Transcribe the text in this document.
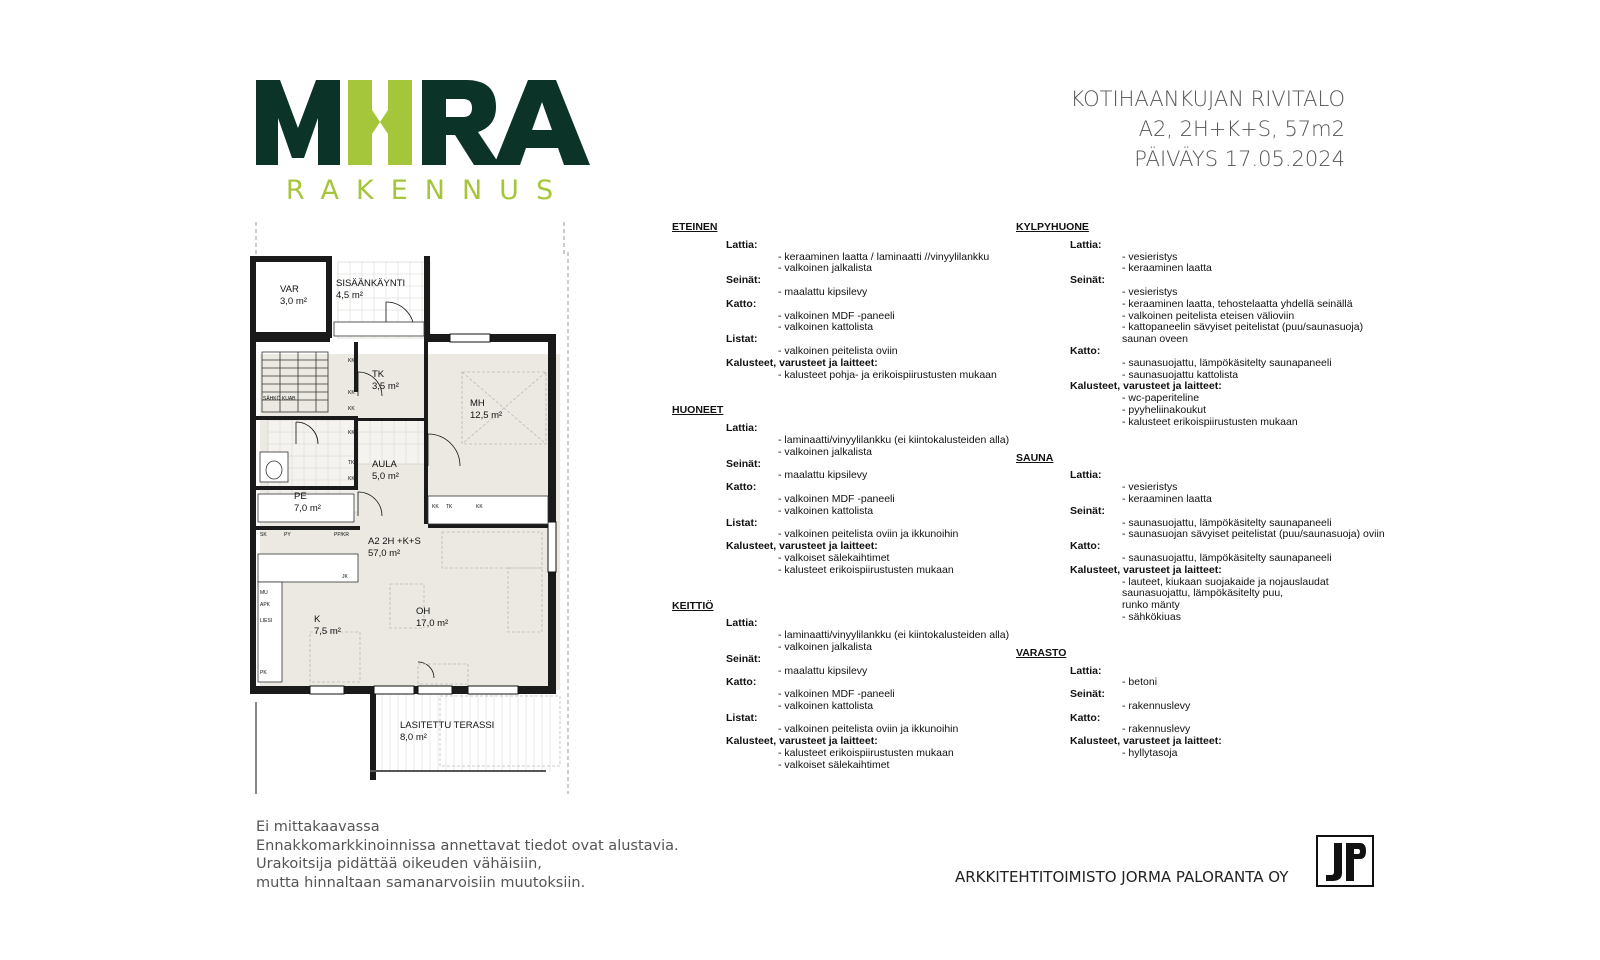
RAKENNUS
KOTIHAANKUJAN RIVITALO
A2, 2H+K+S, 57m2
PÄIVÄYS 17.05.2024
SÄHKÖ KUAB
KK
KK
KK
KK
TK
KK
KK TK	KK
SK	PY	PP/KR
MU
APK
LIESI
JK
PK
VAR
3,0 m²
SISÄÄNKÄYNTI
4,5 m²
TK
3,5 m²
MH
12,5 m²
AULA
5,0 m²
PE
7,0 m²
A2 2H +K+S
57,0 m²
K
7,5 m²
OH
17,0 m²
LASITETTU TERASSI
8,0 m²
ETEINEN
Lattia:
- keraaminen laatta / laminaatti //vinyylilankku
- valkoinen jalkalista
Seinät:
- maalattu kipsilevy
Katto:
- valkoinen MDF -paneeli
- valkoinen kattolista
Listat:
- valkoinen peitelista oviin
Kalusteet, varusteet ja laitteet:
- kalusteet pohja- ja erikoispiirustusten mukaan
HUONEET
Lattia:
- laminaatti/vinyylilankku (ei kiintokalusteiden alla)
- valkoinen jalkalista
Seinät:
- maalattu kipsilevy
Katto:
- valkoinen MDF -paneeli
- valkoinen kattolista
Listat:
- valkoinen peitelista oviin ja ikkunoihin
Kalusteet, varusteet ja laitteet:
- valkoiset sälekaihtimet
- kalusteet erikoispiirustusten mukaan
KEITTIÖ
Lattia:
- laminaatti/vinyylilankku (ei kiintokalusteiden alla)
- valkoinen jalkalista
Seinät:
- maalattu kipsilevy
Katto:
- valkoinen MDF -paneeli
- valkoinen kattolista
Listat:
- valkoinen peitelista oviin ja ikkunoihin
Kalusteet, varusteet ja laitteet:
- kalusteet erikoispiirustusten mukaan
- valkoiset sälekaihtimet
KYLPYHUONE
Lattia:
- vesieristys
- keraaminen laatta
Seinät:
- vesieristys
- keraaminen laatta, tehostelaatta yhdellä seinällä
- valkoinen peitelista eteisen välioviin
- kattopaneelin sävyiset peitelistat (puu/saunasuoja)
saunan oveen
Katto:
- saunasuojattu, lämpökäsitelty saunapaneeli
- saunasuojattu kattolista
Kalusteet, varusteet ja laitteet:
- wc-paperiteline
- pyyheliinakoukut
- kalusteet erikoispiirustusten mukaan
SAUNA
Lattia:
- vesieristys
- keraaminen laatta
Seinät:
- saunasuojattu, lämpökäsitelty saunapaneeli
- saunasuojan sävyiset peitelistat (puu/saunasuoja) oviin
Katto:
- saunasuojattu, lämpökäsitelty saunapaneeli
Kalusteet, varusteet ja laitteet:
- lauteet, kiukaan suojakaide ja nojauslaudat
saunasuojattu, lämpökäsitelty puu,
runko mänty
- sähkökiuas
VARASTO
Lattia:
- betoni
Seinät:
- rakennuslevy
Katto:
- rakennuslevy
Kalusteet, varusteet ja laitteet:
- hyllytasoja
Ei mittakaavassa
Ennakkomarkkinoinnissa annettavat tiedot ovat alustavia.
Urakoitsija pidättää oikeuden vähäisiin,
mutta hinnaltaan samanarvoisiin muutoksiin.	ARKKITEHTITOIMISTO JORMA PALORANTA OY
